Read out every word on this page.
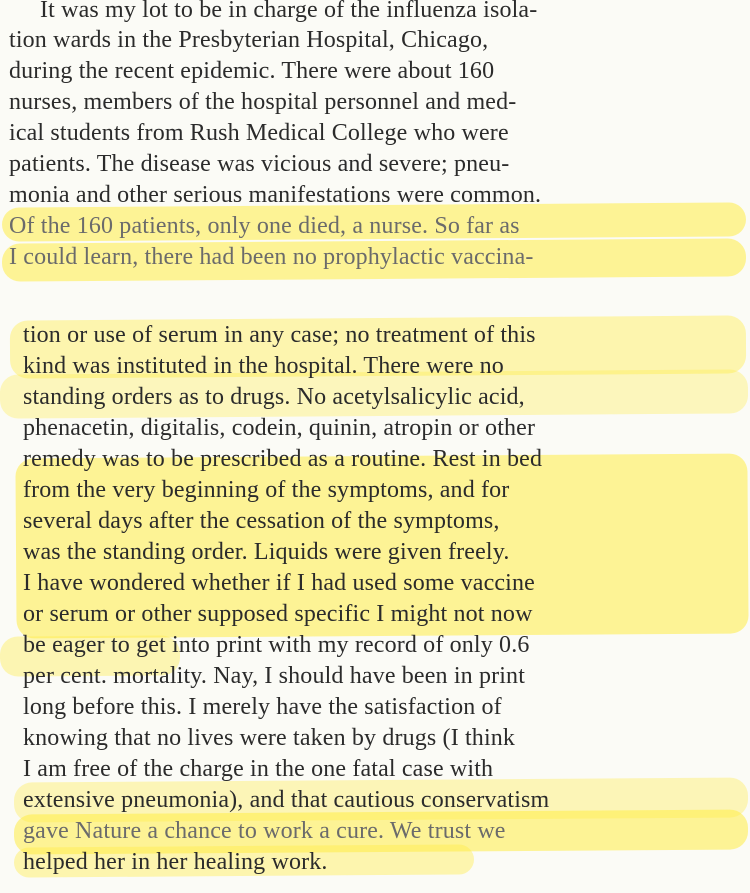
It was my lot to be in charge of the influenza isola-
tion wards in the Presbyterian Hospital, Chicago,
during the recent epidemic. There were about 160
nurses, members of the hospital personnel and med-
ical students from Rush Medical College who were
patients. The disease was vicious and severe; pneu-
monia and other serious manifestations were common.
Of the 160 patients, only one died, a nurse. So far as
I could learn, there had been no prophylactic vaccina-
tion or use of serum in any case; no treatment of this
kind was instituted in the hospital. There were no
standing orders as to drugs. No acetylsalicylic acid,
phenacetin, digitalis, codein, quinin, atropin or other
remedy was to be prescribed as a routine. Rest in bed
from the very beginning of the symptoms, and for
several days after the cessation of the symptoms,
was the standing order. Liquids were given freely.
I have wondered whether if I had used some vaccine
or serum or other supposed specific I might not now
be eager to get into print with my record of only 0.6
per cent. mortality. Nay, I should have been in print
long before this. I merely have the satisfaction of
knowing that no lives were taken by drugs (I think
I am free of the charge in the one fatal case with
extensive pneumonia), and that cautious conservatism
gave Nature a chance to work a cure. We trust we
helped her in her healing work.
